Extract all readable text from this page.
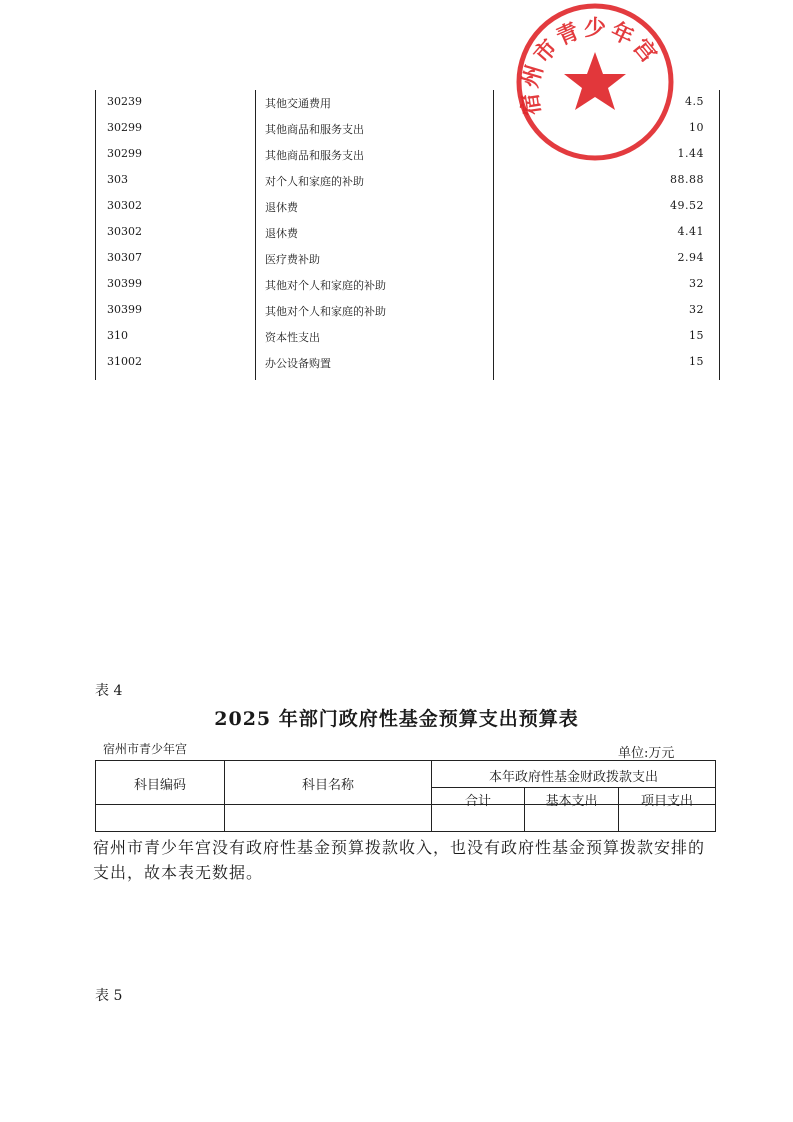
30239	其他交通费用	4.5
30299	其他商品和服务支出	10
30299	其他商品和服务支出	1.44
303	对个人和家庭的补助	88.88
30302	退休费	49.52
30302	退休费	4.41
30307	医疗费补助	2.94
30399	其他对个人和家庭的补助	32
30399	其他对个人和家庭的补助	32
310	资本性支出	15
31002	办公设备购置	15
宿州市青少年宫
表 4
2025 年部门政府性基金预算支出预算表
宿州市青少年宫	单位:万元
科目编码	科目名称
本年政府性基金财政拨款支出
合计	基本支出	项目支出
宿州市青少年宫没有政府性基金预算拨款收入，也没有政府性基金预算拨款安排的支出，故本表无数据。
表 5
